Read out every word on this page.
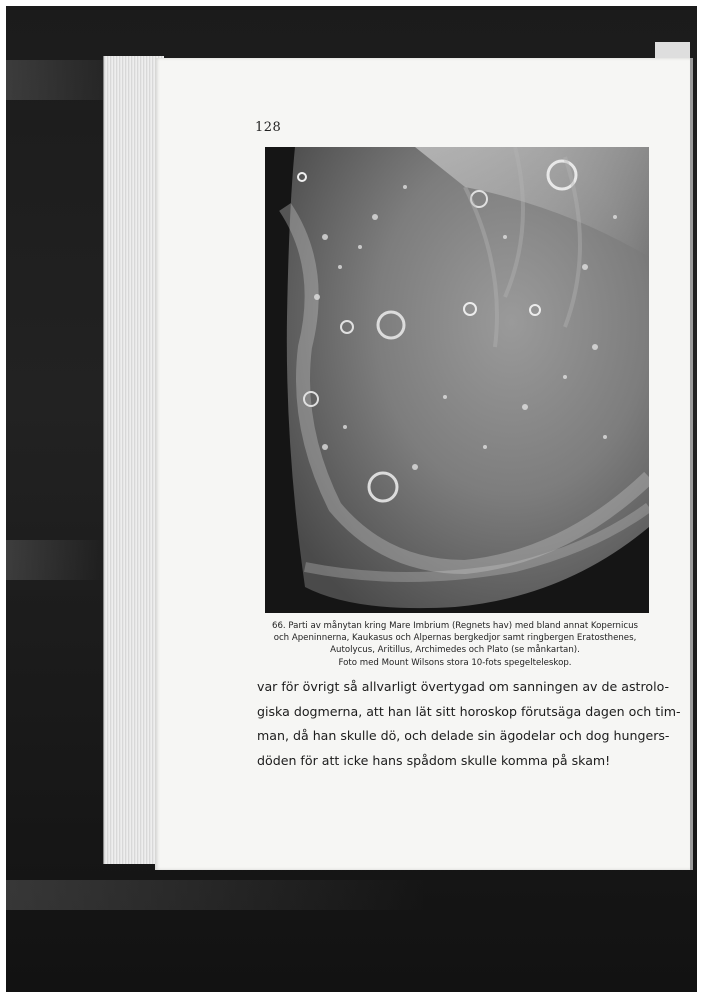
128
66. Parti av månytan kring Mare Imbrium (Regnets hav) med bland annat Kopernicus
och Apeninnerna, Kaukasus och Alpernas bergkedjor samt ringbergen Eratosthenes,
Autolycus, Aritillus, Archimedes och Plato (se månkartan).
Foto med Mount Wilsons stora 10-fots spegelteleskop.
var för övrigt så allvarligt övertygad om sanningen av de astrolo-
giska dogmerna, att han lät sitt horoskop förutsäga dagen och tim-
man, då han skulle dö, och delade sin ägodelar och dog hungers-
döden för att icke hans spådom skulle komma på skam!
